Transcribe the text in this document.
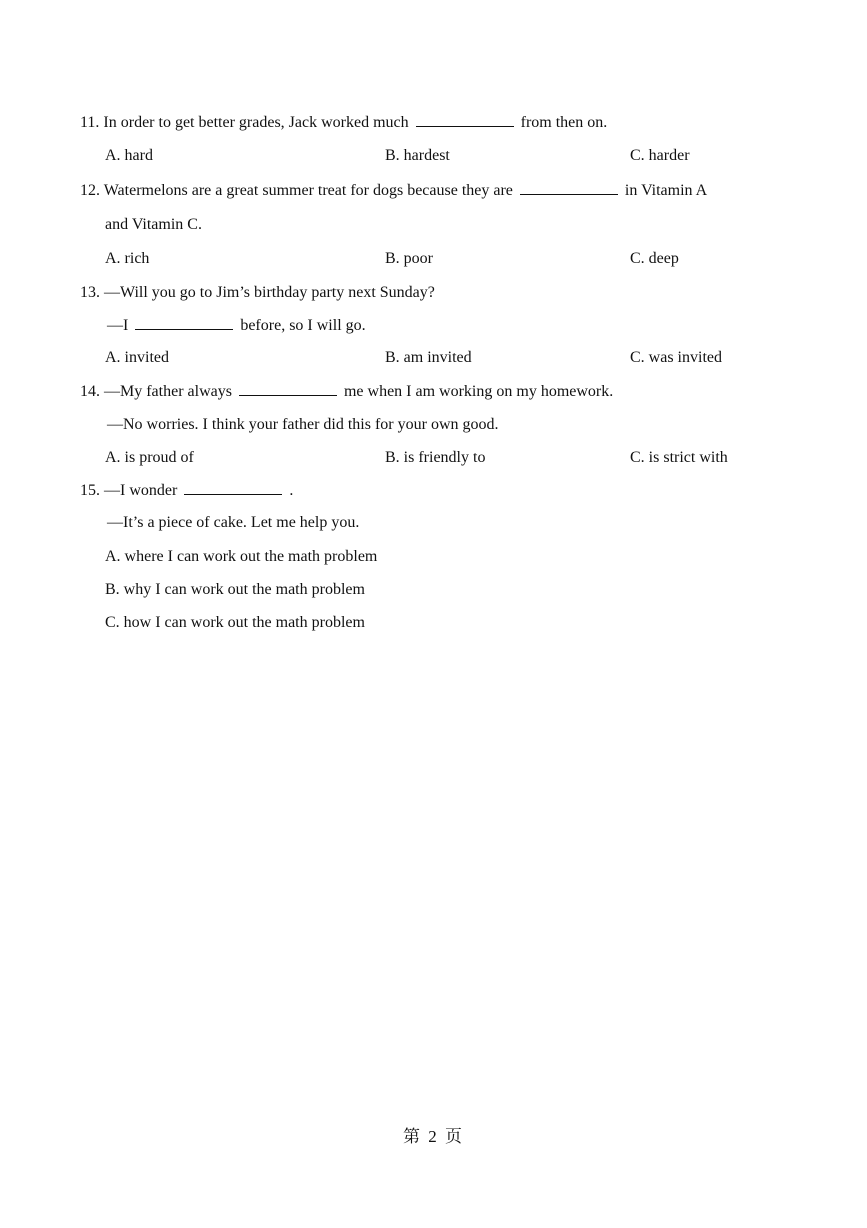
11. In order to get better grades, Jack worked much	from then on.
A. hard	B. hardest	C. harder
12. Watermelons are a great summer treat for dogs because they are	in Vitamin A
and Vitamin C.
A. rich	B. poor	C. deep
13. —Will you go to Jim’s birthday party next Sunday?
—I	before, so I will go.
A. invited	B. am invited	C. was invited
14. —My father always	me when I am working on my homework.
—No worries. I think your father did this for your own good.
A. is proud of	B. is friendly to	C. is strict with
15. —I wonder	.
—It’s a piece of cake. Let me help you.
A. where I can work out the math problem
B. why I can work out the math problem
C. how I can work out the math problem
第 2 页
